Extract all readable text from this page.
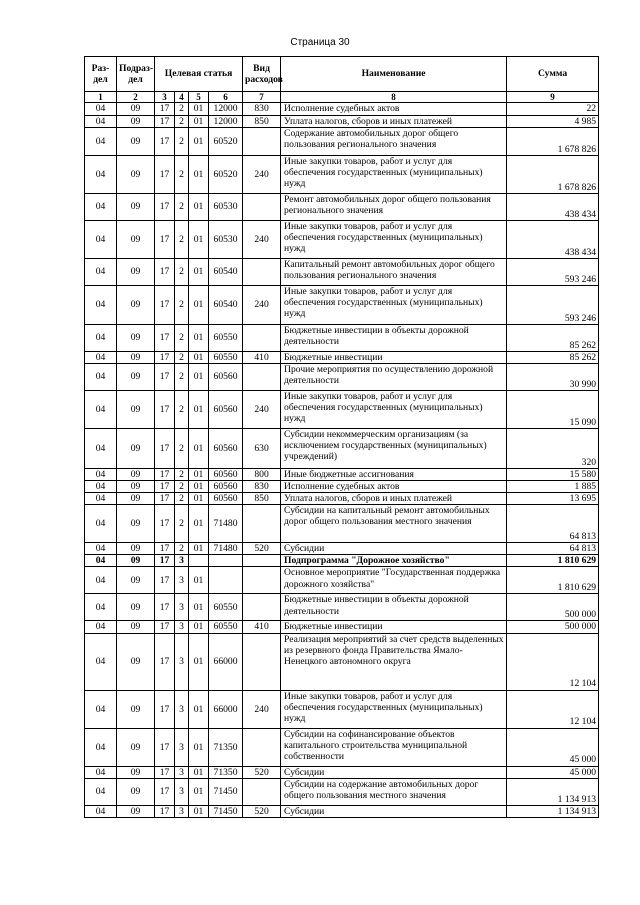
Страница 30
Раз-дел	Подраз-дел	Целевая статья				Вид расходов	Наименование	Сумма
1	2	3	4	5	6	7	8	9
04	09	17	2	01	12000	830	Исполнение судебных актов	22
04	09	17	2	01	12000	850	Уплата налогов, сборов и иных платежей	4 985
04	09	17	2	01	60520		Содержание автомобильных дорог общего пользования регионального значения	1 678 826
04	09	17	2	01	60520	240	Иные закупки товаров, работ и услуг для обеспечения государственных (муниципальных) нужд	1 678 826
04	09	17	2	01	60530		Ремонт автомобильных дорог общего пользования регионального значения	438 434
04	09	17	2	01	60530	240	Иные закупки товаров, работ и услуг для обеспечения государственных (муниципальных) нужд	438 434
04	09	17	2	01	60540		Капитальный ремонт автомобильных дорог общего пользования регионального значения	593 246
04	09	17	2	01	60540	240	Иные закупки товаров, работ и услуг для обеспечения государственных (муниципальных) нужд	593 246
04	09	17	2	01	60550		Бюджетные инвестиции в объекты дорожной деятельности	85 262
04	09	17	2	01	60550	410	Бюджетные инвестиции	85 262
04	09	17	2	01	60560		Прочие мероприятия по осуществлению дорожной деятельности	30 990
04	09	17	2	01	60560	240	Иные закупки товаров, работ и услуг для обеспечения государственных (муниципальных) нужд	15 090
04	09	17	2	01	60560	630	Субсидии некоммерческим организациям (за исключением государственных (муниципальных) учреждений)	320
04	09	17	2	01	60560	800	Иные бюджетные ассигнования	15 580
04	09	17	2	01	60560	830	Исполнение судебных актов	1 885
04	09	17	2	01	60560	850	Уплата налогов, сборов и иных платежей	13 695
04	09	17	2	01	71480		Субсидии на капитальный ремонт автомобильных дорог общего пользования местного значения	64 813
04	09	17	2	01	71480	520	Субсидии	64 813
04	09	17	3				Подпрограмма "Дорожное хозяйство"	1 810 629
04	09	17	3	01			Основное мероприятие "Государственная поддержка дорожного хозяйства"	1 810 629
04	09	17	3	01	60550		Бюджетные инвестиции в объекты дорожной деятельности	500 000
04	09	17	3	01	60550	410	Бюджетные инвестиции	500 000
04	09	17	3	01	66000		Реализация мероприятий за счет средств выделенных из резервного фонда Правительства Ямало-Ненецкого автономного округа	12 104
04	09	17	3	01	66000	240	Иные закупки товаров, работ и услуг для обеспечения государственных (муниципальных) нужд	12 104
04	09	17	3	01	71350		Субсидии на софинансирование объектов капитального строительства муниципальной собственности	45 000
04	09	17	3	01	71350	520	Субсидии	45 000
04	09	17	3	01	71450		Субсидии на содержание автомобильных дорог общего пользования местного значения	1 134 913
04	09	17	3	01	71450	520	Субсидии	1 134 913
